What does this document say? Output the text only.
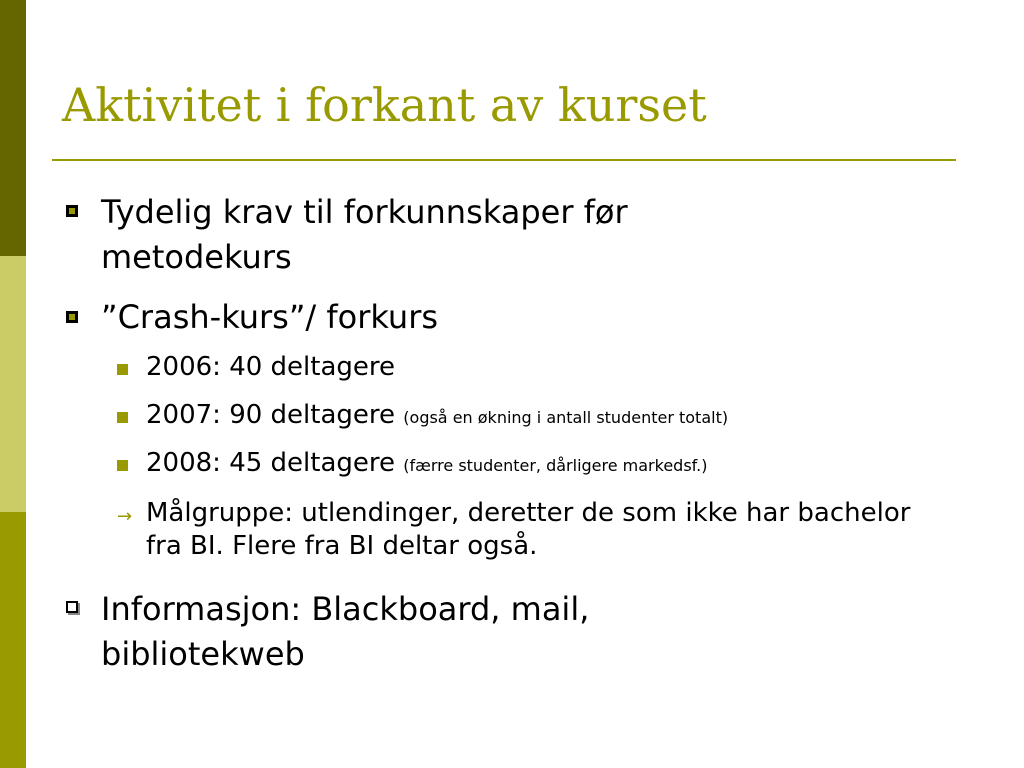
Aktivitet i forkant av kurset
Tydelig krav til forkunnskaper før metodekurs
”Crash-kurs”/ forkurs
2006: 40 deltagere
2007: 90 deltagere (også en økning i antall studenter totalt)
2008: 45 deltagere (færre studenter, dårligere markedsf.)
→ Målgruppe: utlendinger, deretter de som ikke har bachelor fra BI. Flere fra BI deltar også.
Informasjon: Blackboard, mail, bibliotekweb
